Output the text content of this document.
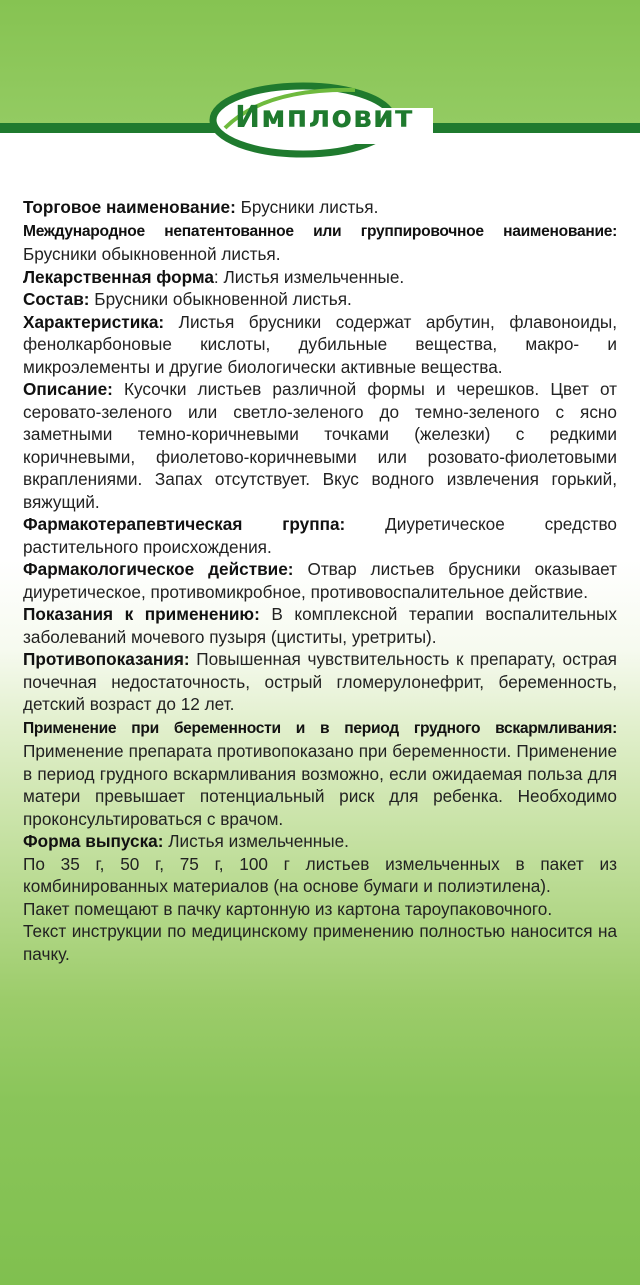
Импловит

Торговое наименование: Брусники листья.

Международное непатентованное или группировочное наименование: Брусники обыкновенной листья.

Лекарственная форма: Листья измельченные.

Состав: Брусники обыкновенной листья.

Характеристика: Листья брусники содержат арбутин, флавоноиды, фенолкарбоновые кислоты, дубильные вещества, макро- и микроэлементы и другие биологически активные вещества.

Описание: Кусочки листьев различной формы и черешков. Цвет от серовато-зеленого или светло-зеленого до темно-зеленого с ясно заметными темно-коричневыми точками (железки) с редкими коричневыми, фиолетово-коричневыми или розовато-фиолетовыми вкраплениями. Запах отсутствует. Вкус водного извлечения горький, вяжущий.

Фармакотерапевтическая группа: Диуретическое средство растительного происхождения.

Фармакологическое действие: Отвар листьев брусники оказывает диуретическое, противомикробное, противовоспалительное действие.

Показания к применению: В комплексной терапии воспалительных заболеваний мочевого пузыря (циститы, уретриты).

Противопоказания: Повышенная чувствительность к препарату, острая почечная недостаточность, острый гломерулонефрит, беременность, детский возраст до 12 лет.

Применение при беременности и в период грудного вскармливания: Применение препарата противопоказано при беременности. Применение в период грудного вскармливания возможно, если ожидаемая польза для матери превышает потенциальный риск для ребенка. Необходимо проконсультироваться с врачом.

Форма выпуска: Листья измельченные.

По 35 г, 50 г, 75 г, 100 г листьев измельченных в пакет из комбинированных материалов (на основе бумаги и полиэтилена).

Пакет помещают в пачку картонную из картона тароупаковочного.

Текст инструкции по медицинскому применению полностью наносится на пачку.
